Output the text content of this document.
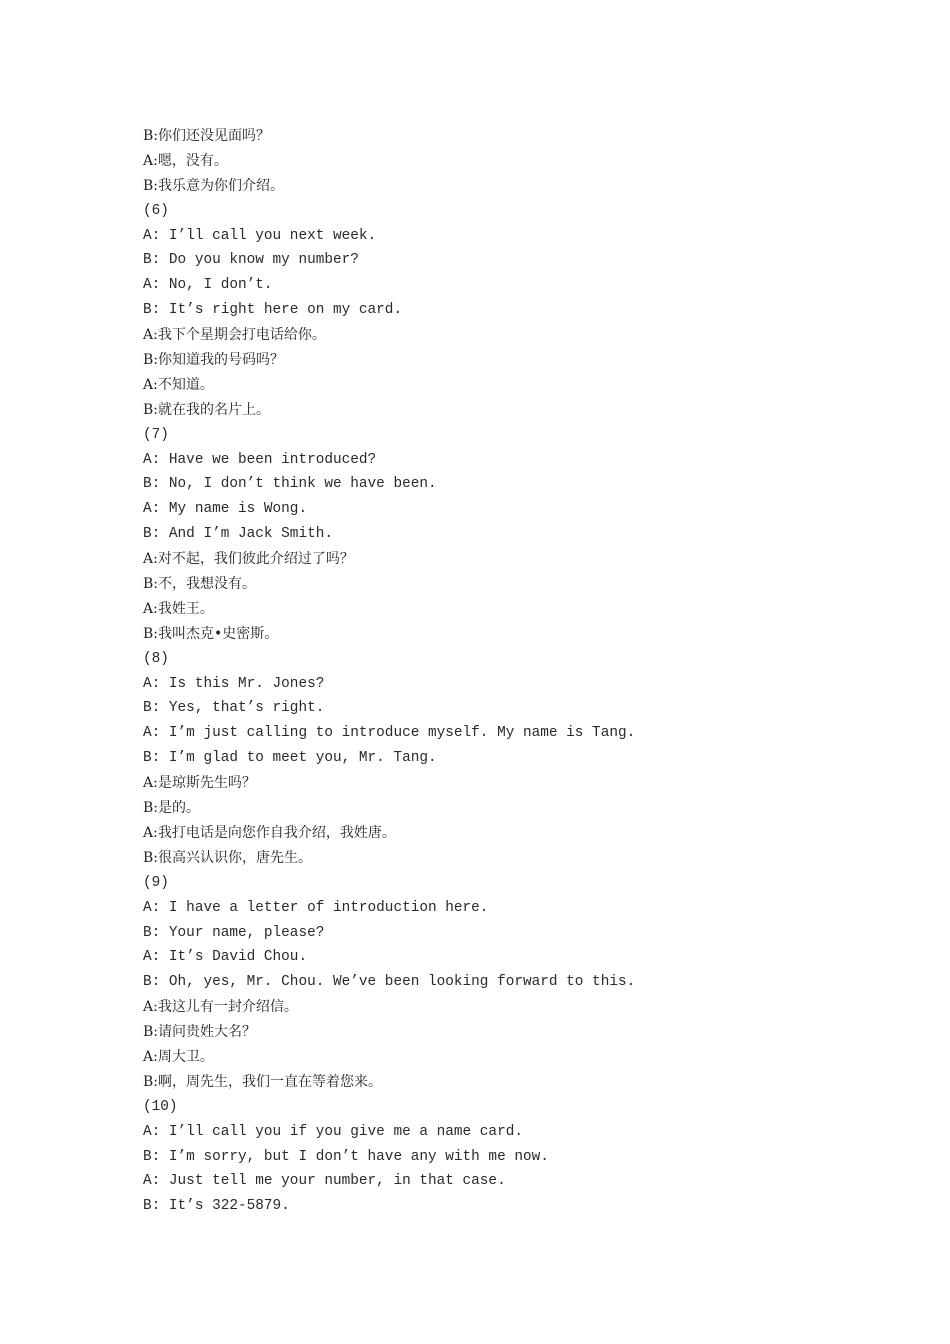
B:你们还没见面吗？
A:嗯，没有。
B:我乐意为你们介绍。
(6)
A: I’ll call you next week.
B: Do you know my number?
A: No, I don’t.
B: It’s right here on my card.
A:我下个星期会打电话给你。
B:你知道我的号码吗？
A:不知道。
B:就在我的名片上。
(7)
A: Have we been introduced?
B: No, I don’t think we have been.
A: My name is Wong.
B: And I’m Jack Smith.
A:对不起，我们彼此介绍过了吗？
B:不，我想没有。
A:我姓王。
B:我叫杰克•史密斯。
(8)
A: Is this Mr. Jones?
B: Yes, that’s right.
A: I’m just calling to introduce myself. My name is Tang.
B: I’m glad to meet you, Mr. Tang.
A:是琼斯先生吗？
B:是的。
A:我打电话是向您作自我介绍，我姓唐。
B:很高兴认识你，唐先生。
(9)
A: I have a letter of introduction here.
B: Your name, please?
A: It’s David Chou.
B: Oh, yes, Mr. Chou. We’ve been looking forward to this.
A:我这儿有一封介绍信。
B:请问贵姓大名？
A:周大卫。
B:啊，周先生，我们一直在等着您来。
(10)
A: I’ll call you if you give me a name card.
B: I’m sorry, but I don’t have any with me now.
A: Just tell me your number, in that case.
B: It’s 322-5879.
